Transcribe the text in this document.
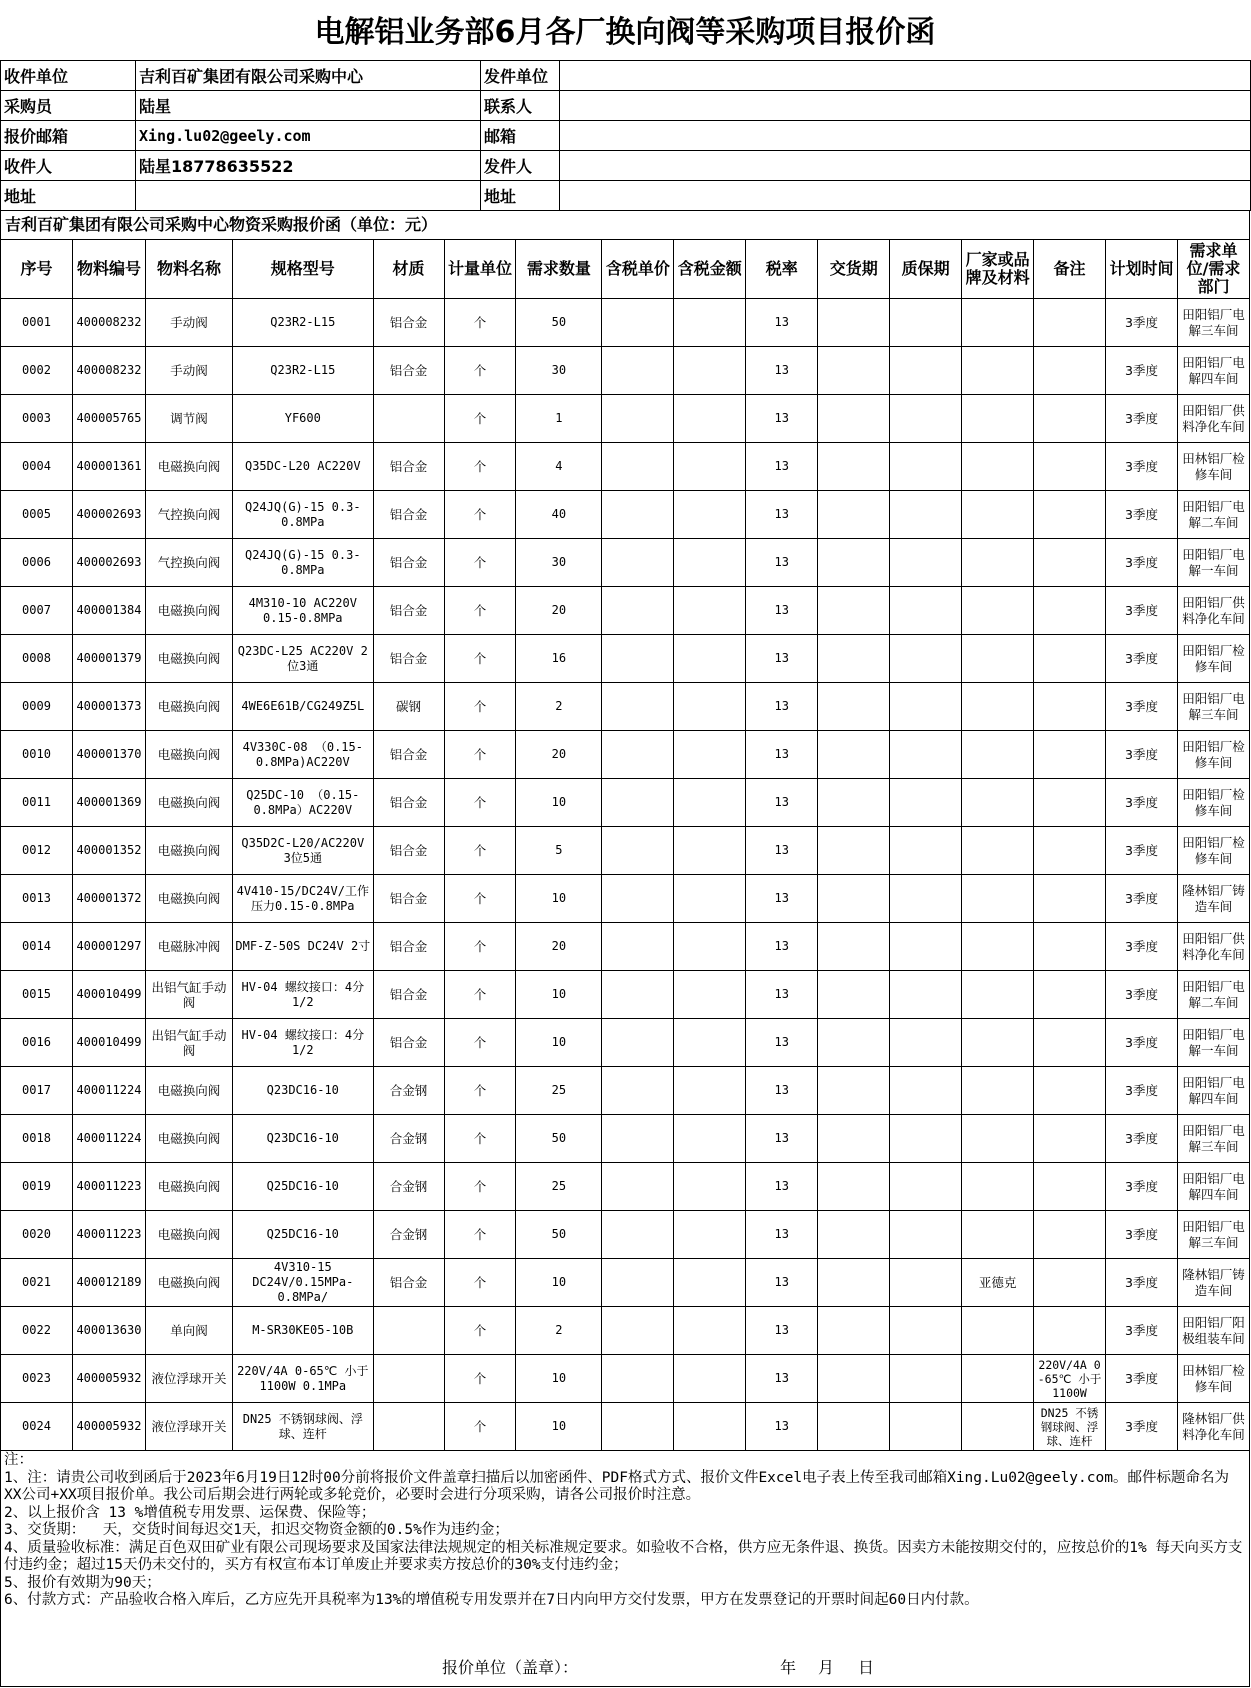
电解铝业务部6月各厂换向阀等采购项目报价函
收件单位	吉利百矿集团有限公司采购中心	发件单位	
采购员	陆星	联系人	
报价邮箱	Xing.lu02@geely.com	邮箱	
收件人	陆星18778635522	发件人	
地址		地址	
吉利百矿集团有限公司采购中心物资采购报价函（单位：元）
序号	物料编号	物料名称	规格型号	材质	计量单位	需求数量	含税单价	含税金额	税率	交货期	质保期	厂家或品牌及材料	备注	计划时间	需求单位/需求部门
0001	400008232	手动阀	Q23R2-L15	铝合金	个	50			13					3季度	田阳铝厂电解三车间
0002	400008232	手动阀	Q23R2-L15	铝合金	个	30			13					3季度	田阳铝厂电解四车间
0003	400005765	调节阀	YF600		个	1			13					3季度	田阳铝厂供料净化车间
0004	400001361	电磁换向阀	Q35DC-L20 AC220V	铝合金	个	4			13					3季度	田林铝厂检修车间
0005	400002693	气控换向阀	Q24JQ(G)-15 0.3-0.8MPa	铝合金	个	40			13					3季度	田阳铝厂电解二车间
0006	400002693	气控换向阀	Q24JQ(G)-15 0.3-0.8MPa	铝合金	个	30			13					3季度	田阳铝厂电解一车间
0007	400001384	电磁换向阀	4M310-10 AC220V 0.15-0.8MPa	铝合金	个	20			13					3季度	田阳铝厂供料净化车间
0008	400001379	电磁换向阀	Q23DC-L25 AC220V 2位3通	铝合金	个	16			13					3季度	田阳铝厂检修车间
0009	400001373	电磁换向阀	4WE6E61B/CG249Z5L	碳钢	个	2			13					3季度	田阳铝厂电解三车间
0010	400001370	电磁换向阀	4V330C-08 （0.15-0.8MPa)AC220V	铝合金	个	20			13					3季度	田阳铝厂检修车间
0011	400001369	电磁换向阀	Q25DC-10 （0.15-0.8MPa）AC220V	铝合金	个	10			13					3季度	田阳铝厂检修车间
0012	400001352	电磁换向阀	Q35D2C-L20/AC220V 3位5通	铝合金	个	5			13					3季度	田阳铝厂检修车间
0013	400001372	电磁换向阀	4V410-15/DC24V/工作压力0.15-0.8MPa	铝合金	个	10			13					3季度	隆林铝厂铸造车间
0014	400001297	电磁脉冲阀	DMF-Z-50S DC24V 2寸	铝合金	个	20			13					3季度	田阳铝厂供料净化车间
0015	400010499	出铝气缸手动阀	HV-04 螺纹接口：4分1/2	铝合金	个	10			13					3季度	田阳铝厂电解二车间
0016	400010499	出铝气缸手动阀	HV-04 螺纹接口：4分1/2	铝合金	个	10			13					3季度	田阳铝厂电解一车间
0017	400011224	电磁换向阀	Q23DC16-10	合金钢	个	25			13					3季度	田阳铝厂电解四车间
0018	400011224	电磁换向阀	Q23DC16-10	合金钢	个	50			13					3季度	田阳铝厂电解三车间
0019	400011223	电磁换向阀	Q25DC16-10	合金钢	个	25			13					3季度	田阳铝厂电解四车间
0020	400011223	电磁换向阀	Q25DC16-10	合金钢	个	50			13					3季度	田阳铝厂电解三车间
0021	400012189	电磁换向阀	4V310-15 DC24V/0.15MPa-0.8MPa/	铝合金	个	10			13			亚德克		3季度	隆林铝厂铸造车间
0022	400013630	单向阀	M-SR30KE05-10B		个	2			13					3季度	田阳铝厂阳极组装车间
0023	400005932	液位浮球开关	220V/4A 0-65℃ 小于1100W 0.1MPa		个	10			13				220V/4A 0-65℃ 小于1100W	3季度	田林铝厂检修车间
0024	400005932	液位浮球开关	DN25 不锈钢球阀、浮球、连杆		个	10			13				DN25 不锈钢球阀、浮球、连杆	3季度	隆林铝厂供料净化车间
注：
1、注：请贵公司收到函后于2023年6月19日12时00分前将报价文件盖章扫描后以加密函件、PDF格式方式、报价文件Excel电子表上传至我司邮箱Xing.Lu02@geely.com。邮件标题命名为XX公司+XX项目报价单。我公司后期会进行两轮或多轮竞价，必要时会进行分项采购，请各公司报价时注意。
2、以上报价含 13 %增值税专用发票、运保费、保险等；
3、交货期：  天，交货时间每迟交1天，扣迟交物资金额的0.5%作为违约金；
4、质量验收标准：满足百色双田矿业有限公司现场要求及国家法律法规规定的相关标准规定要求。如验收不合格，供方应无条件退、换货。因卖方未能按期交付的，应按总价的1% 每天向买方支付违约金；超过15天仍未交付的，买方有权宣布本订单废止并要求卖方按总价的30%支付违约金；
5、报价有效期为90天；
6、付款方式：产品验收合格入库后，乙方应先开具税率为13%的增值税专用发票并在7日内向甲方交付发票，甲方在发票登记的开票时间起60日内付款。
报价单位（盖章）：	年 月 日
